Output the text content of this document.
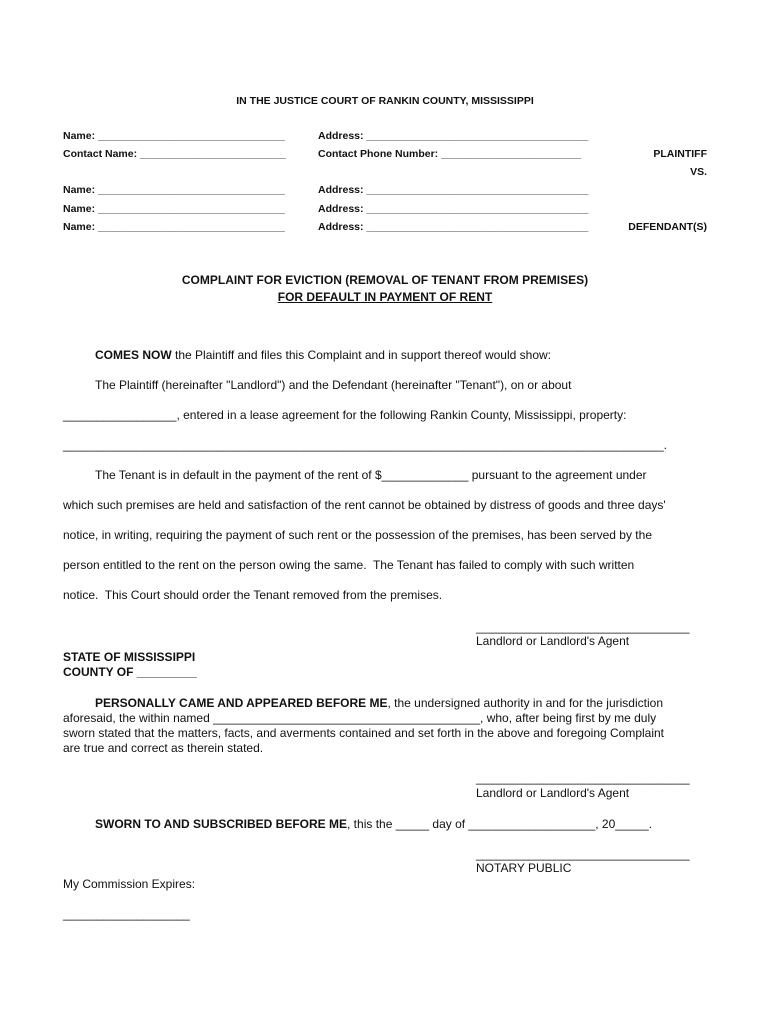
IN THE JUSTICE COURT OF RANKIN COUNTY, MISSISSIPPI
Name: ________________________________	Address: ______________________________________
Contact Name: _________________________	Contact Phone Number: ________________________	PLAINTIFF
VS.
Name: ________________________________	Address: ______________________________________
Name: ________________________________	Address: ______________________________________
Name: ________________________________	Address: ______________________________________	DEFENDANT(S)
COMPLAINT FOR EVICTION (REMOVAL OF TENANT FROM PREMISES)
FOR DEFAULT IN PAYMENT OF RENT
COMES NOW the Plaintiff and files this Complaint and in support thereof would show:
The Plaintiff (hereinafter "Landlord") and the Defendant (hereinafter "Tenant"), on or about
_________________, entered in a lease agreement for the following Rankin County, Mississippi, property:
__________________________________________________________________________________________.
The Tenant is in default in the payment of the rent of $_____________ pursuant to the agreement under
which such premises are held and satisfaction of the rent cannot be obtained by distress of goods and three days'
notice, in writing, requiring the payment of such rent or the possession of the premises, has been served by the
person entitled to the rent on the person owing the same.  The Tenant has failed to comply with such written
notice.  This Court should order the Tenant removed from the premises.
________________________________
Landlord or Landlord's Agent
STATE OF MISSISSIPPI
COUNTY OF _________
PERSONALLY CAME AND APPEARED BEFORE ME, the undersigned authority in and for the jurisdiction
aforesaid, the within named ________________________________________, who, after being first by me duly
sworn stated that the matters, facts, and averments contained and set forth in the above and foregoing Complaint
are true and correct as therein stated.
________________________________
Landlord or Landlord's Agent
SWORN TO AND SUBSCRIBED BEFORE ME, this the _____ day of ___________________, 20_____.
________________________________
NOTARY PUBLIC
My Commission Expires:
___________________
